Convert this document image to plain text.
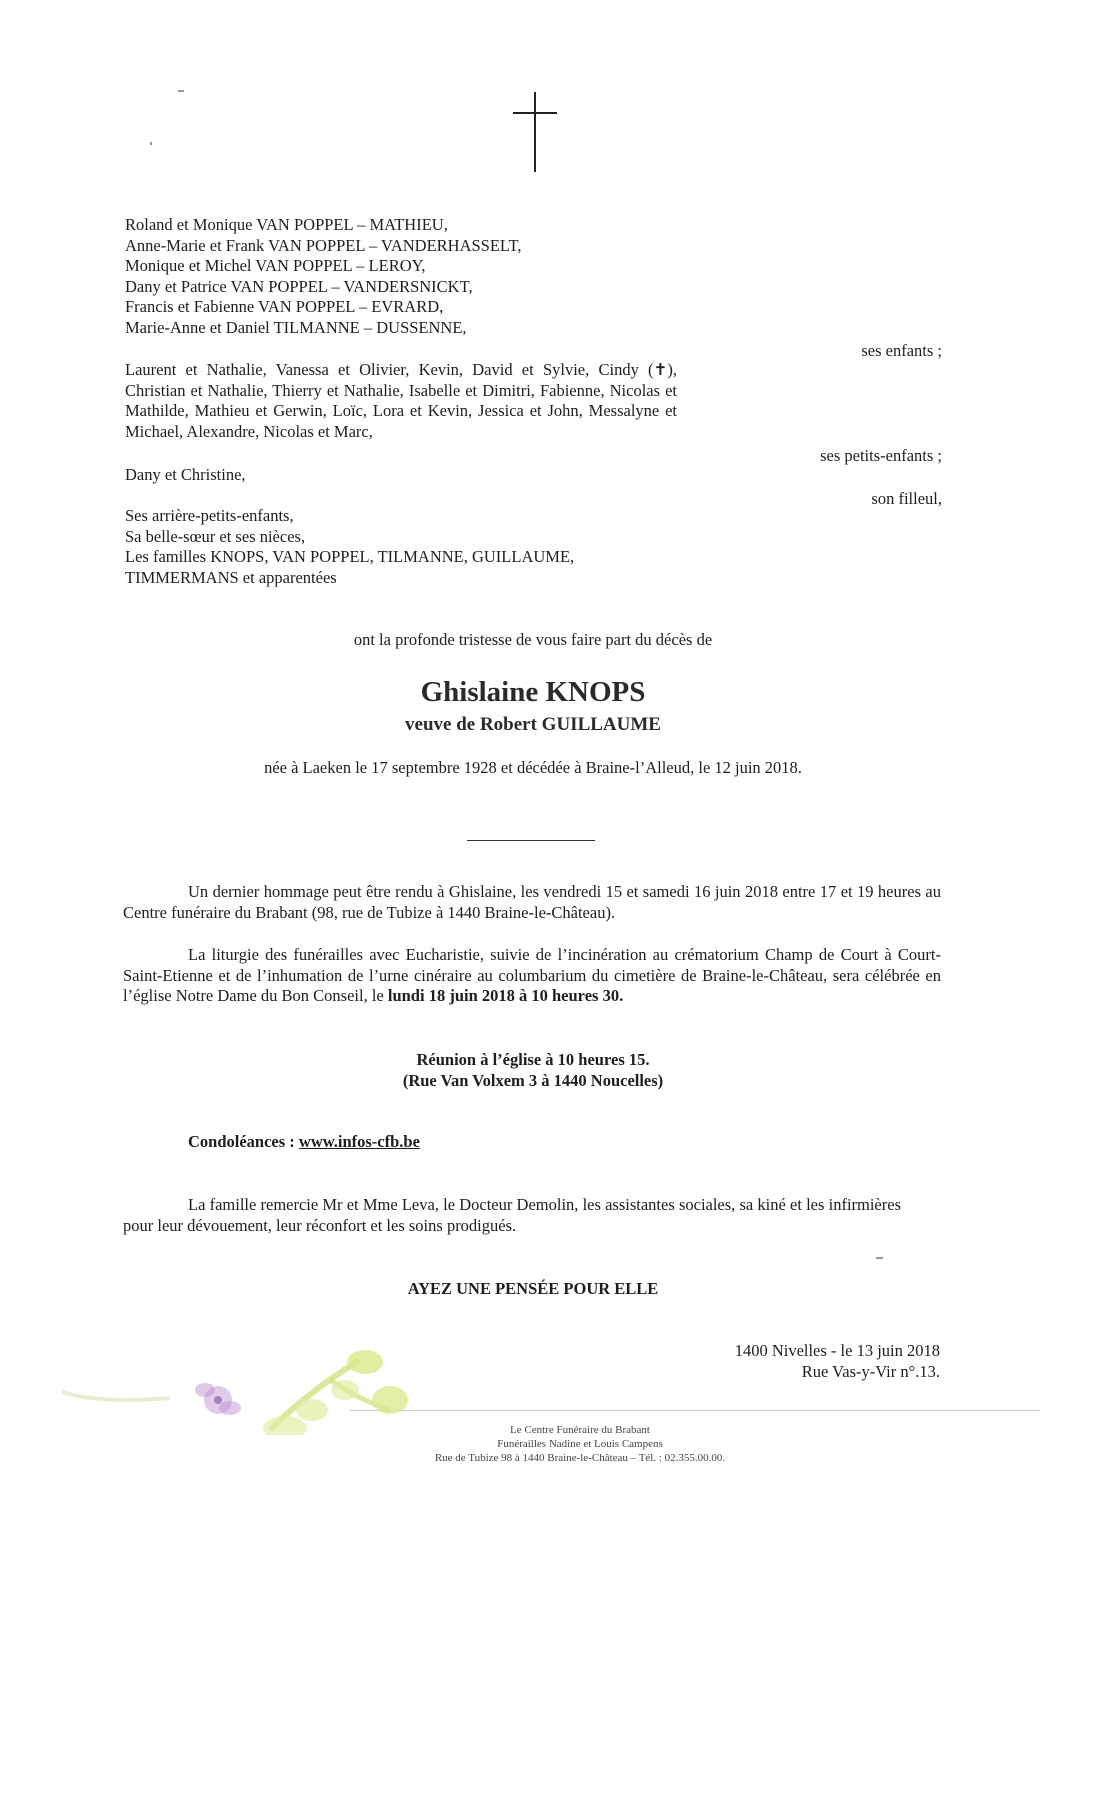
Roland et Monique VAN POPPEL – MATHIEU,
Anne-Marie et Frank VAN POPPEL – VANDERHASSELT,
Monique et Michel VAN POPPEL – LEROY,
Dany et Patrice VAN POPPEL – VANDERSNICKT,
Francis et Fabienne VAN POPPEL – EVRARD,
Marie-Anne et Daniel TILMANNE – DUSSENNE,
ses enfants ;
Laurent et Nathalie, Vanessa et Olivier, Kevin, David et Sylvie, Cindy (✝), Christian et Nathalie, Thierry et Nathalie, Isabelle et Dimitri, Fabienne, Nicolas et Mathilde, Mathieu et Gerwin, Loïc, Lora et Kevin, Jessica et John, Messalyne et Michael, Alexandre, Nicolas et Marc,
ses petits-enfants ;
Dany et Christine,
son filleul,
Ses arrière-petits-enfants,
Sa belle-sœur et ses nièces,
Les familles KNOPS, VAN POPPEL, TILMANNE, GUILLAUME,
TIMMERMANS et apparentées
ont la profonde tristesse de vous faire part du décès de
Ghislaine KNOPS
veuve de Robert GUILLAUME
née à Laeken le 17 septembre 1928 et décédée à Braine-l’Alleud, le 12 juin 2018.
Un dernier hommage peut être rendu à Ghislaine, les vendredi 15 et samedi 16 juin 2018 entre 17 et 19 heures au Centre funéraire du Brabant (98, rue de Tubize à 1440 Braine-le-Château).
La liturgie des funérailles avec Eucharistie, suivie de l’incinération au crématorium Champ de Court à Court-Saint-Etienne et de l’inhumation de l’urne cinéraire au columbarium du cimetière de Braine-le-Château, sera célébrée en l’église Notre Dame du Bon Conseil, le lundi 18 juin 2018 à 10 heures 30.
Réunion à l’église à 10 heures 15.
(Rue Van Volxem 3 à 1440 Noucelles)
Condoléances : www.infos-cfb.be
La famille remercie Mr et Mme Leva, le Docteur Demolin, les assistantes sociales, sa kiné et les infirmières pour leur dévouement, leur réconfort et les soins prodigués.
AYEZ UNE PENSÉE POUR ELLE
1400 Nivelles - le 13 juin 2018
Rue Vas-y-Vir n°.13.
Le Centre Funéraire du Brabant
Funérailles Nadine et Louis Campens
Rue de Tubize 98 à 1440 Braine-le-Château – Tél. : 02.355.00.00.
